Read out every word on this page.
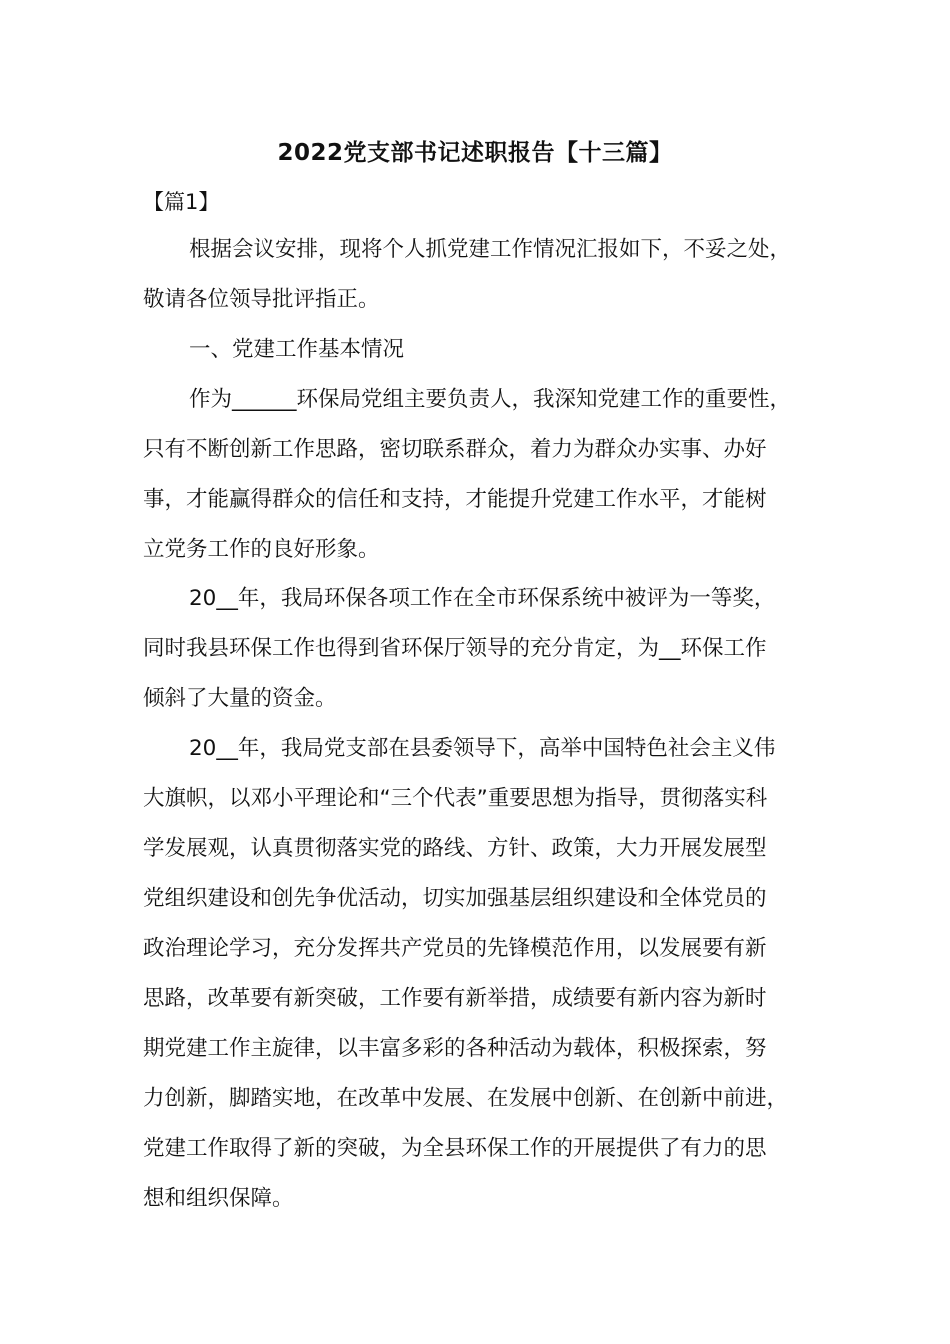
2022党支部书记述职报告【十三篇】
【篇1】

根据会议安排，现将个人抓党建工作情况汇报如下，不妥之处，
敬请各位领导批评指正。

一、党建工作基本情况

作为______环保局党组主要负责人，我深知党建工作的重要性，
只有不断创新工作思路，密切联系群众，着力为群众办实事、办好
事，才能赢得群众的信任和支持，才能提升党建工作水平，才能树
立党务工作的良好形象。

20__年，我局环保各项工作在全市环保系统中被评为一等奖，
同时我县环保工作也得到省环保厅领导的充分肯定，为__环保工作
倾斜了大量的资金。

20__年，我局党支部在县委领导下，高举中国特色社会主义伟
大旗帜，以邓小平理论和“三个代表”重要思想为指导，贯彻落实科
学发展观，认真贯彻落实党的路线、方针、政策，大力开展发展型
党组织建设和创先争优活动，切实加强基层组织建设和全体党员的
政治理论学习，充分发挥共产党员的先锋模范作用，以发展要有新
思路，改革要有新突破，工作要有新举措，成绩要有新内容为新时
期党建工作主旋律，以丰富多彩的各种活动为载体，积极探索，努
力创新，脚踏实地，在改革中发展、在发展中创新、在创新中前进，
党建工作取得了新的突破，为全县环保工作的开展提供了有力的思
想和组织保障。
